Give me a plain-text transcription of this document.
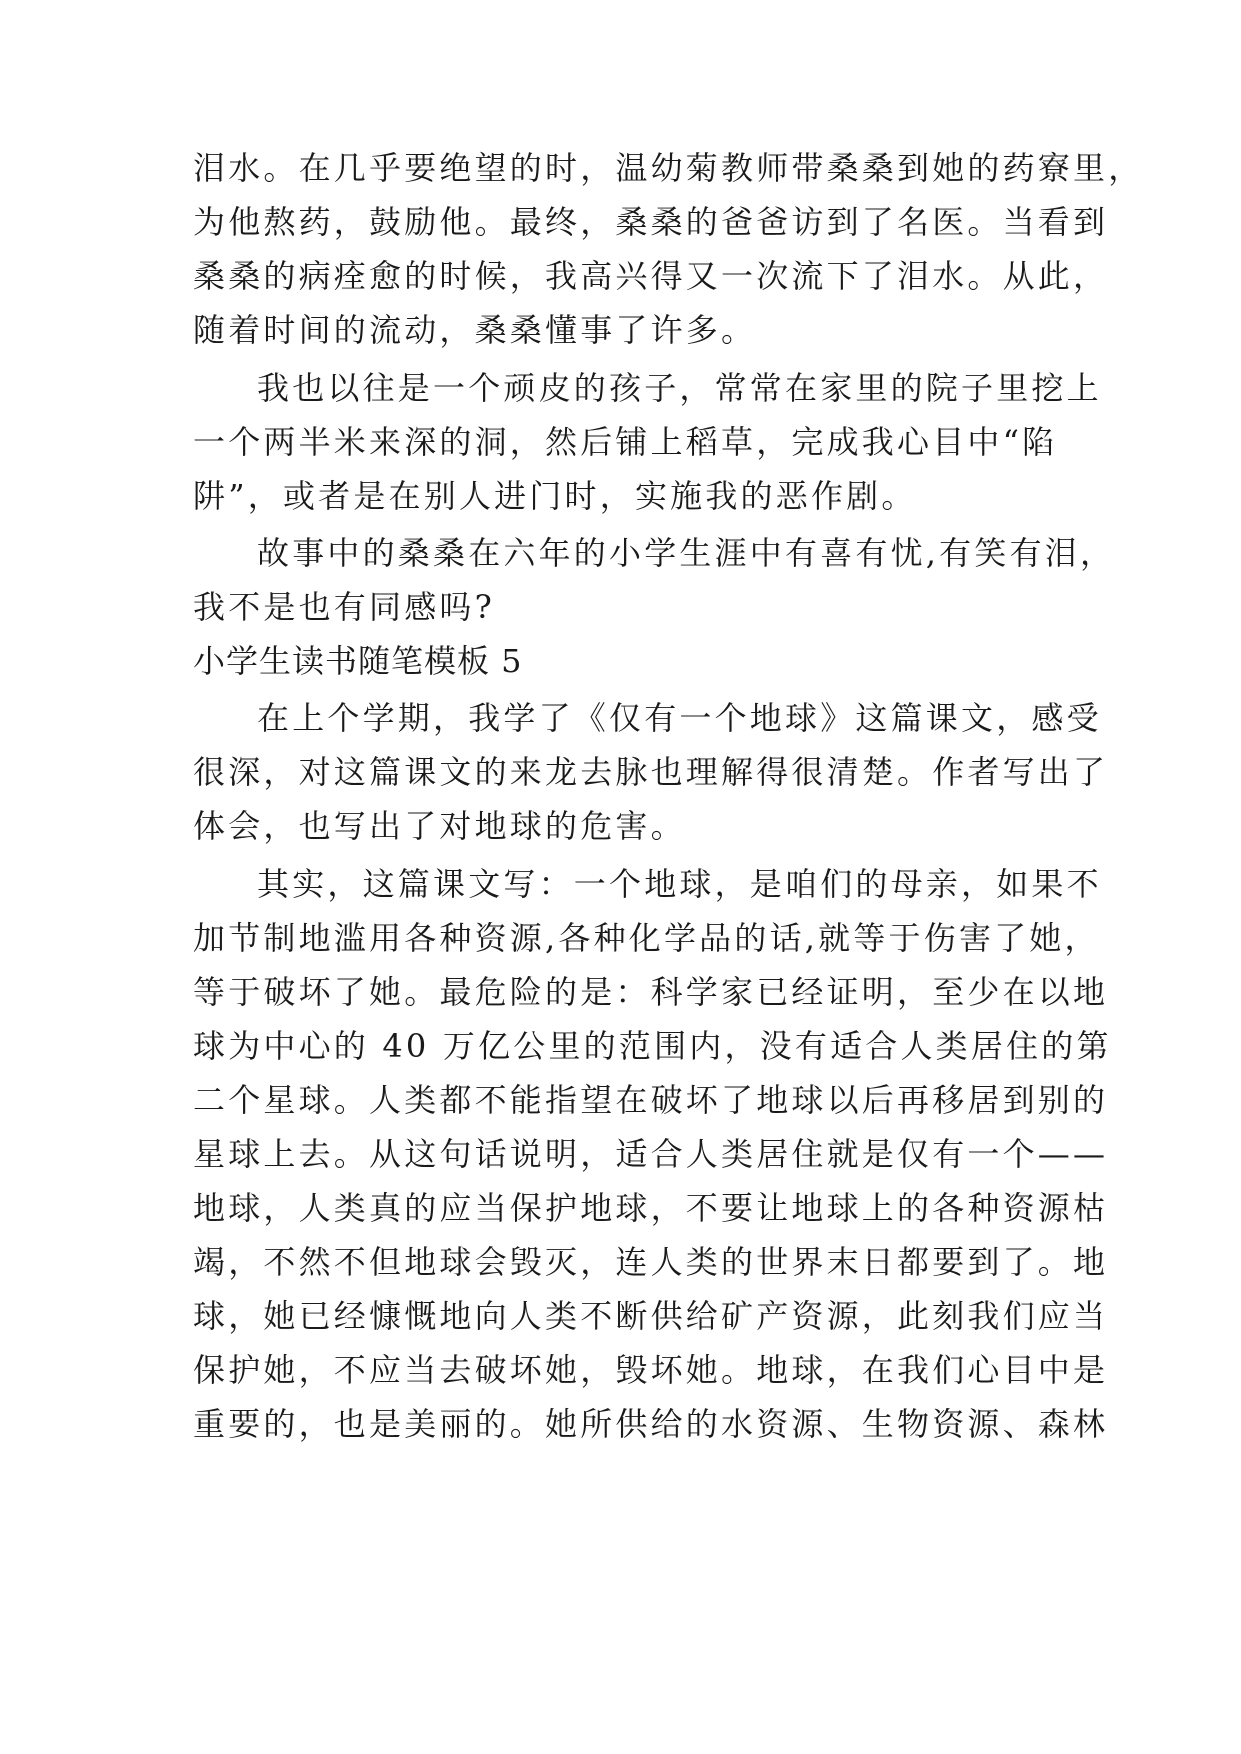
泪水。在几乎要绝望的时，温幼菊教师带桑桑到她的药寮里，
为他熬药，鼓励他。最终，桑桑的爸爸访到了名医。当看到
桑桑的病痊愈的时候，我高兴得又一次流下了泪水。从此，
随着时间的流动，桑桑懂事了许多。
我也以往是一个顽皮的孩子，常常在家里的院子里挖上
一个两半米来深的洞，然后铺上稻草，完成我心目中“陷
阱”，或者是在别人进门时，实施我的恶作剧。
故事中的桑桑在六年的小学生涯中有喜有忧,有笑有泪，
我不是也有同感吗?
小学生读书随笔模板 5
在上个学期，我学了《仅有一个地球》这篇课文，感受
很深，对这篇课文的来龙去脉也理解得很清楚。作者写出了
体会，也写出了对地球的危害。
其实，这篇课文写：一个地球，是咱们的母亲，如果不
加节制地滥用各种资源,各种化学品的话,就等于伤害了她，
等于破坏了她。最危险的是：科学家已经证明，至少在以地
球为中心的 40 万亿公里的范围内，没有适合人类居住的第
二个星球。人类都不能指望在破坏了地球以后再移居到别的
星球上去。从这句话说明，适合人类居住就是仅有一个——
地球，人类真的应当保护地球，不要让地球上的各种资源枯
竭，不然不但地球会毁灭，连人类的世界末日都要到了。地
球，她已经慷慨地向人类不断供给矿产资源，此刻我们应当
保护她，不应当去破坏她，毁坏她。地球，在我们心目中是
重要的，也是美丽的。她所供给的水资源、生物资源、森林
